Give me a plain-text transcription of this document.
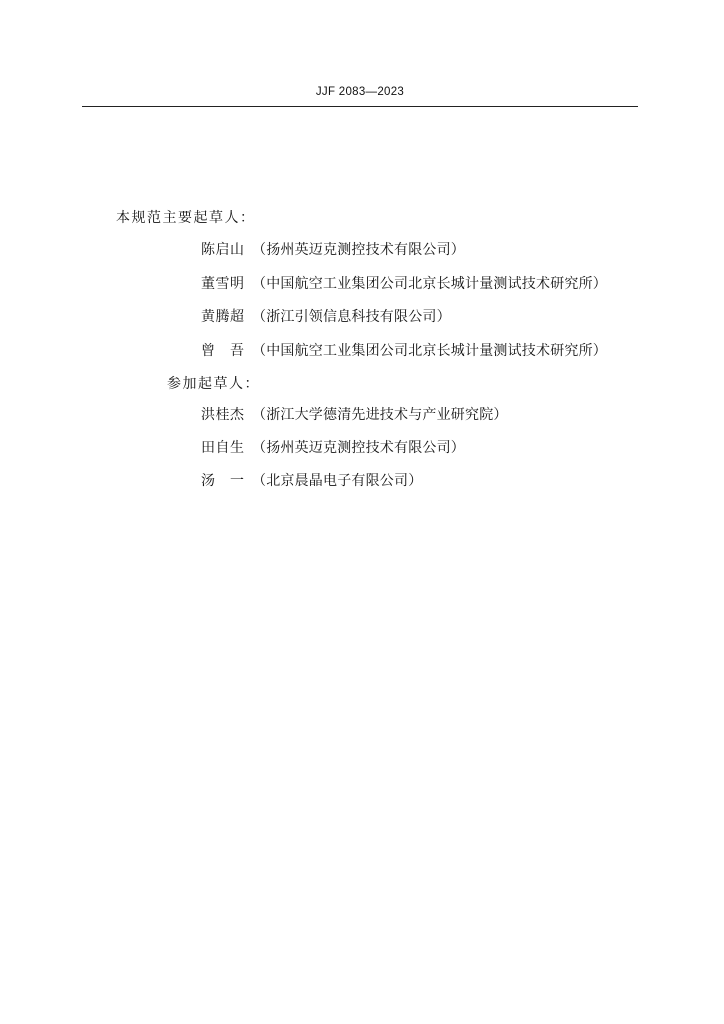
JJF 2083—2023
本规范主要起草人：
陈启山 （扬州英迈克测控技术有限公司）
董雪明 （中国航空工业集团公司北京长城计量测试技术研究所）
黄腾超 （浙江引领信息科技有限公司）
曾　吾 （中国航空工业集团公司北京长城计量测试技术研究所）
参加起草人：
洪桂杰 （浙江大学德清先进技术与产业研究院）
田自生 （扬州英迈克测控技术有限公司）
汤　一 （北京晨晶电子有限公司）
